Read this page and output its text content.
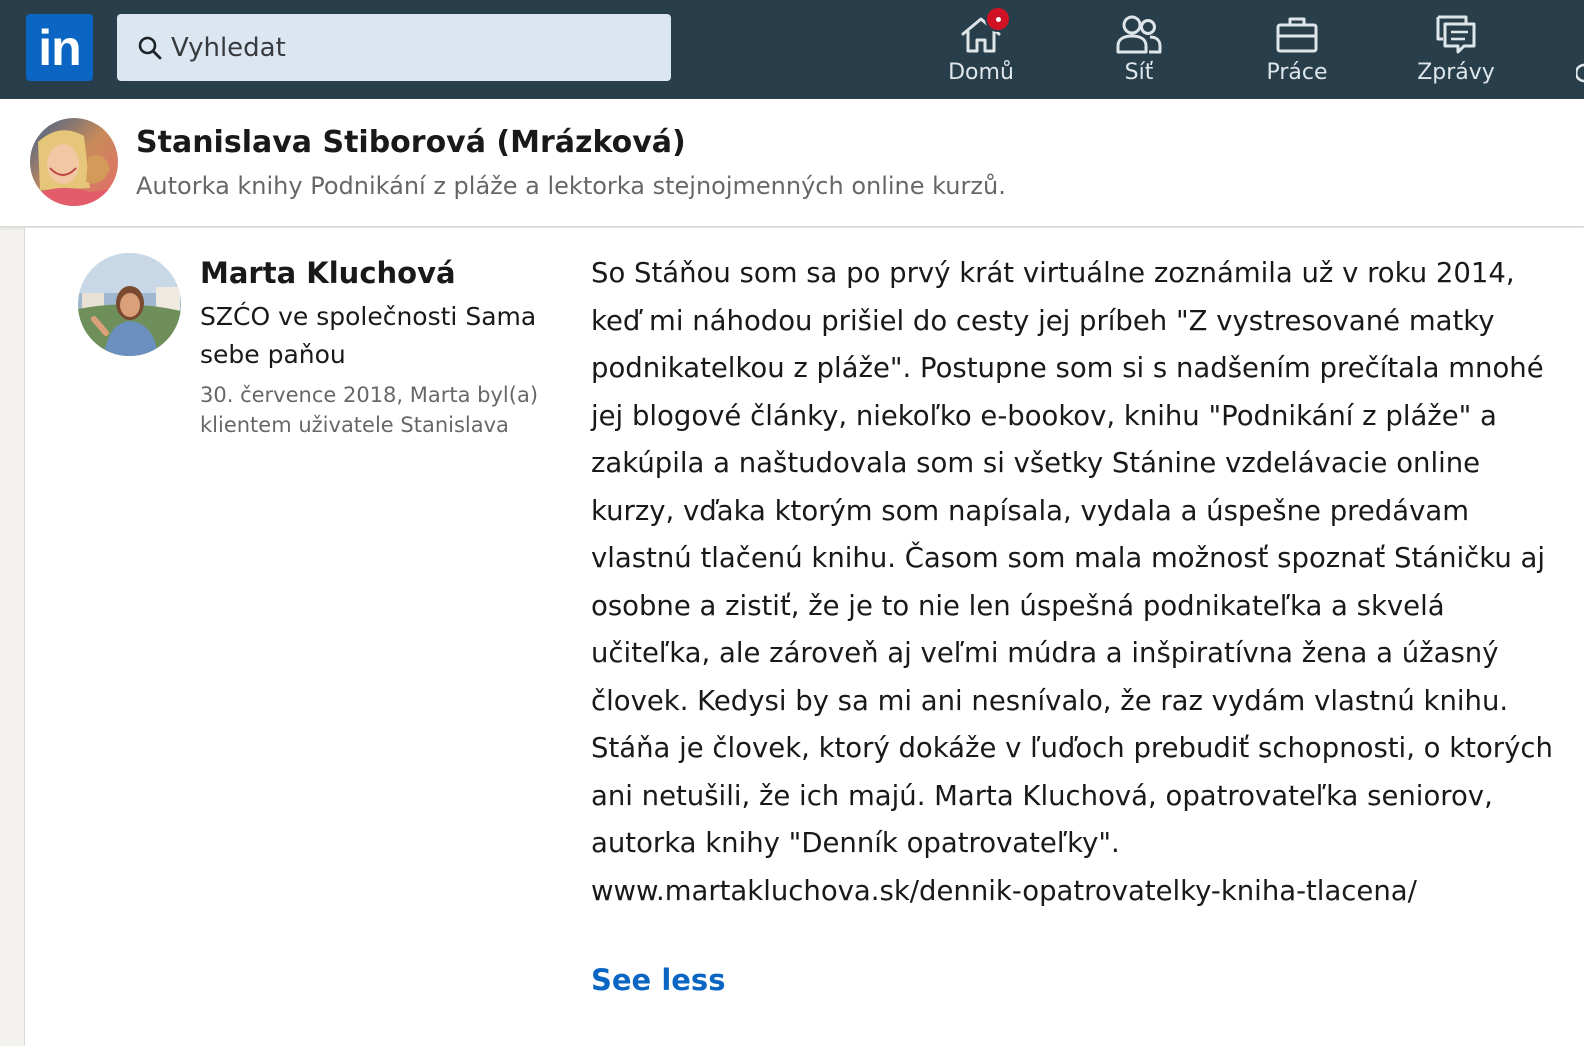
in
Vyhledat	Domů	Síť	Práce	Zprávy
Stanislava Stiborová (Mrázková)
Autorka knihy Podnikání z pláže a lektorka stejnojmenných online kurzů.
Marta Kluchová
SZĆO ve společnosti Sama sebe paňou
30. července 2018, Marta byl(a) klientem uživatele Stanislava

So Stáňou som sa po prvý krát virtuálne zoznámila už v roku 2014, keď mi náhodou prišiel do cesty jej príbeh "Z vystresované matky podnikatelkou z pláže". Postupne som si s nadšením prečítala mnohé jej blogové články, niekoľko e-bookov, knihu "Podnikání z pláže" a zakúpila a naštudovala som si všetky Stánine vzdelávacie online kurzy, vďaka ktorým som napísala, vydala a úspešne predávam vlastnú tlačenú knihu. Časom som mala možnosť spoznať Stáničku aj osobne a zistiť, že je to nie len úspešná podnikateľka a skvelá učiteľka, ale zároveň aj veľmi múdra a inšpiratívna žena a úžasný človek. Kedysi by sa mi ani nesnívalo, že raz vydám vlastnú knihu. Stáňa je človek, ktorý dokáže v ľuďoch prebudiť schopnosti, o ktorých ani netušili, že ich majú. Marta Kluchová, opatrovateľka seniorov, autorka knihy "Denník opatrovateľky". www.martakluchova.sk/dennik-opatrovatelky-kniha-tlacena/

See less
